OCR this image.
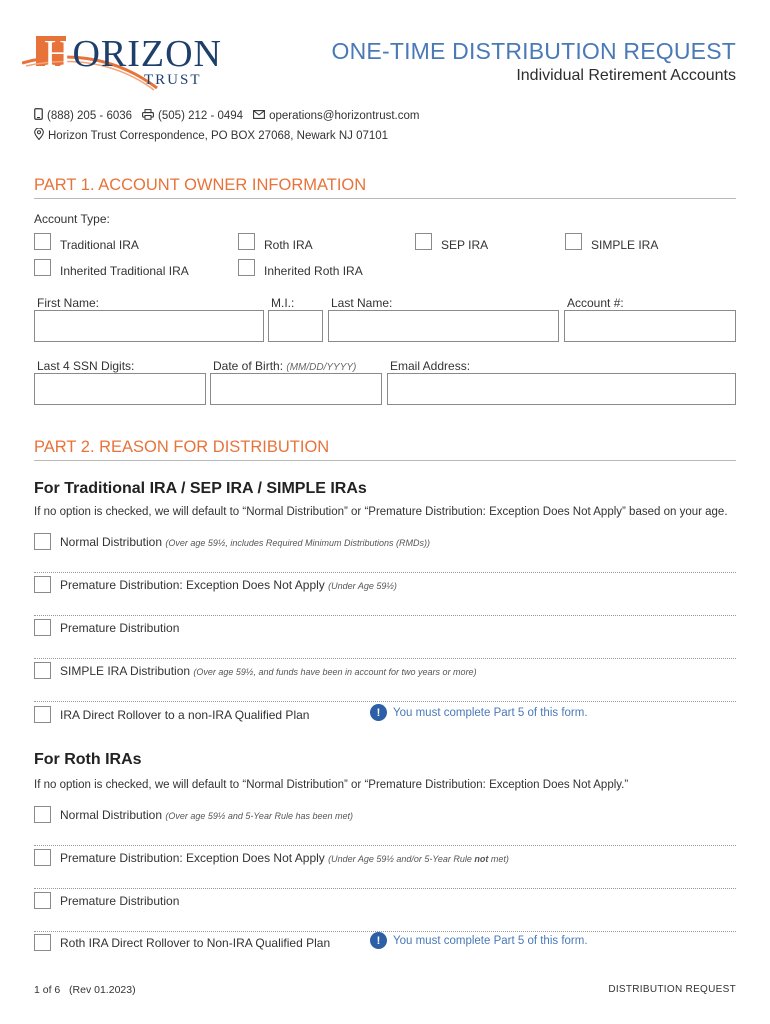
HORIZON
TRUST
ONE-TIME DISTRIBUTION REQUEST
Individual Retirement Accounts
(888) 205 - 6036 (505) 212 - 0494 operations@horizontrust.com
Horizon Trust Correspondence, PO BOX 27068, Newark NJ 07101
PART 1. ACCOUNT OWNER INFORMATION
Account Type:
Traditional IRA	Roth IRA	SEP IRA	SIMPLE IRA
Inherited Traditional IRA	Inherited Roth IRA
First Name:	M.I.:	Last Name:	Account #:
Last 4 SSN Digits:	Date of Birth: (MM/DD/YYYY)	Email Address:
PART 2. REASON FOR DISTRIBUTION
For Traditional IRA / SEP IRA / SIMPLE IRAs
If no option is checked, we will default to “Normal Distribution” or “Premature Distribution: Exception Does Not Apply” based on your age.
Normal Distribution (Over age 59½, includes Required Minimum Distributions (RMDs))
Premature Distribution: Exception Does Not Apply (Under Age 59½)
Premature Distribution
SIMPLE IRA Distribution (Over age 59½, and funds have been in account for two years or more)
IRA Direct Rollover to a non-IRA Qualified Plan	!	You must complete Part 5 of this form.
For Roth IRAs
If no option is checked, we will default to “Normal Distribution” or “Premature Distribution: Exception Does Not Apply.”
Normal Distribution (Over age 59½ and 5-Year Rule has been met)
Premature Distribution: Exception Does Not Apply (Under Age 59½ and/or 5-Year Rule not met)
Premature Distribution
Roth IRA Direct Rollover to Non-IRA Qualified Plan	!	You must complete Part 5 of this form.
1 of 6 (Rev 01.2023)	DISTRIBUTION REQUEST
